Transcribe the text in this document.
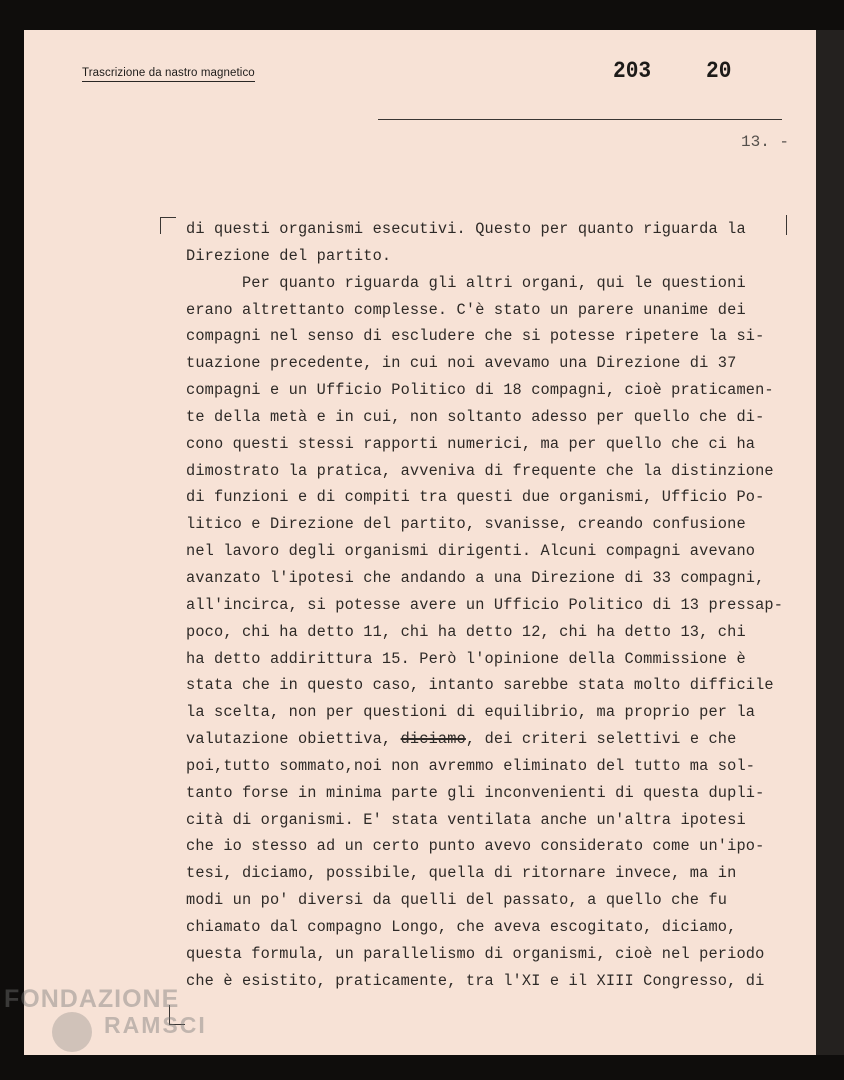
Trascrizione da nastro magnetico	203 20
13. -
di questi organismi esecutivi. Questo per quanto riguarda la
Direzione del partito.
Per quanto riguarda gli altri organi, qui le questioni
erano altrettanto complesse. C'è stato un parere unanime dei
compagni nel senso di escludere che si potesse ripetere la si-
tuazione precedente, in cui noi avevamo una Direzione di 37
compagni e un Ufficio Politico di 18 compagni, cioè praticamen-
te della metà e in cui, non soltanto adesso per quello che di-
cono questi stessi rapporti numerici, ma per quello che ci ha
dimostrato la pratica, avveniva di frequente che la distinzione
di funzioni e di compiti tra questi due organismi, Ufficio Po-
litico e Direzione del partito, svanisse, creando confusione
nel lavoro degli organismi dirigenti. Alcuni compagni avevano
avanzato l'ipotesi che andando a una Direzione di 33 compagni,
all'incirca, si potesse avere un Ufficio Politico di 13 pressap-
poco, chi ha detto 11, chi ha detto 12, chi ha detto 13, chi
ha detto addirittura 15. Però l'opinione della Commissione è
stata che in questo caso, intanto sarebbe stata molto difficile
la scelta, non per questioni di equilibrio, ma proprio per la
valutazione obiettiva, diciamo, dei criteri selettivi e che
poi,tutto sommato,noi non avremmo eliminato del tutto ma sol-
tanto forse in minima parte gli inconvenienti di questa dupli-
cità di organismi. E' stata ventilata anche un'altra ipotesi
che io stesso ad un certo punto avevo considerato come un'ipo-
tesi, diciamo, possibile, quella di ritornare invece, ma in
modi un po' diversi da quelli del passato, a quello che fu
chiamato dal compagno Longo, che aveva escogitato, diciamo,
questa formula, un parallelismo di organismi, cioè nel periodo
che è esistito, praticamente, tra l'XI e il XIII Congresso, di
FONDAZIONE
RAMSCI
